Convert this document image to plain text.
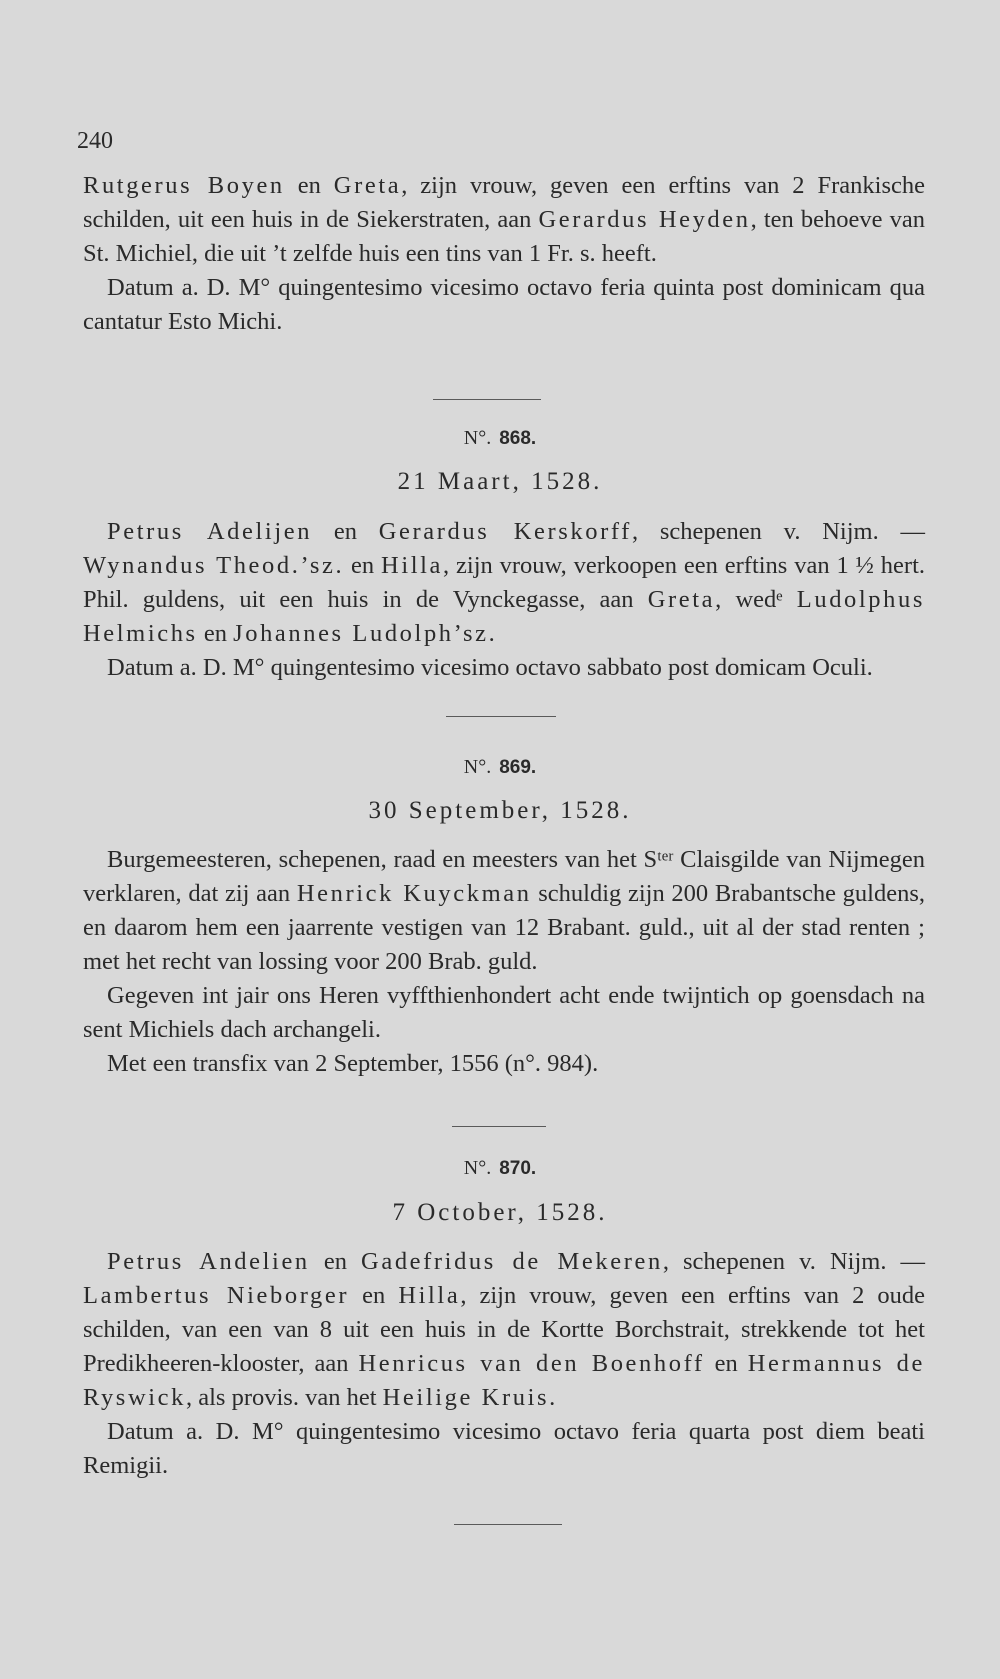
240

Rutgerus Boyen en Greta, zijn vrouw, geven een erftins van 2 Frankische schilden, uit een huis in de Siekerstraten, aan Gerardus Heyden, ten behoeve van St. Michiel, die uit ’t zelfde huis een tins van 1 Fr. s. heeft.

Datum a. D. M° quingentesimo vicesimo octavo feria quinta post dominicam qua cantatur Esto Michi.

N°. 868.
21 Maart, 1528.

Petrus Adelijen en Gerardus Kerskorff, schepenen v. Nijm. — Wynandus Theod.’sz. en Hilla, zijn vrouw, verkoopen een erftins van 1 ½ hert. Phil. guldens, uit een huis in de Vynckegasse, aan Greta, wedᵉ Ludolphus Helmichs en Johannes Ludolph’sz.

Datum a. D. M° quingentesimo vicesimo octavo sabbato post domicam Oculi.

N°. 869.
30 September, 1528.

Burgemeesteren, schepenen, raad en meesters van het Sᵗᵉʳ Claisgilde van Nijmegen verklaren, dat zij aan Henrick Kuyckman schuldig zijn 200 Brabantsche guldens, en daarom hem een jaarrente vestigen van 12 Brabant. guld., uit al der stad renten ; met het recht van lossing voor 200 Brab. guld.

Gegeven int jair ons Heren vyffthienhondert acht ende twijntich op goensdach na sent Michiels dach archangeli.

Met een transfix van 2 September, 1556 (n°. 984).

N°. 870.
7 October, 1528.

Petrus Andelien en Gadefridus de Mekeren, schepenen v. Nijm. — Lambertus Nieborger en Hilla, zijn vrouw, geven een erftins van 2 oude schilden, van een van 8 uit een huis in de Kortte Borchstrait, strekkende tot het Predikheeren-klooster, aan Henricus van den Boenhoff en Hermannus de Ryswick, als provis. van het Heilige Kruis.

Datum a. D. M° quingentesimo vicesimo octavo feria quarta post diem beati Remigii.
